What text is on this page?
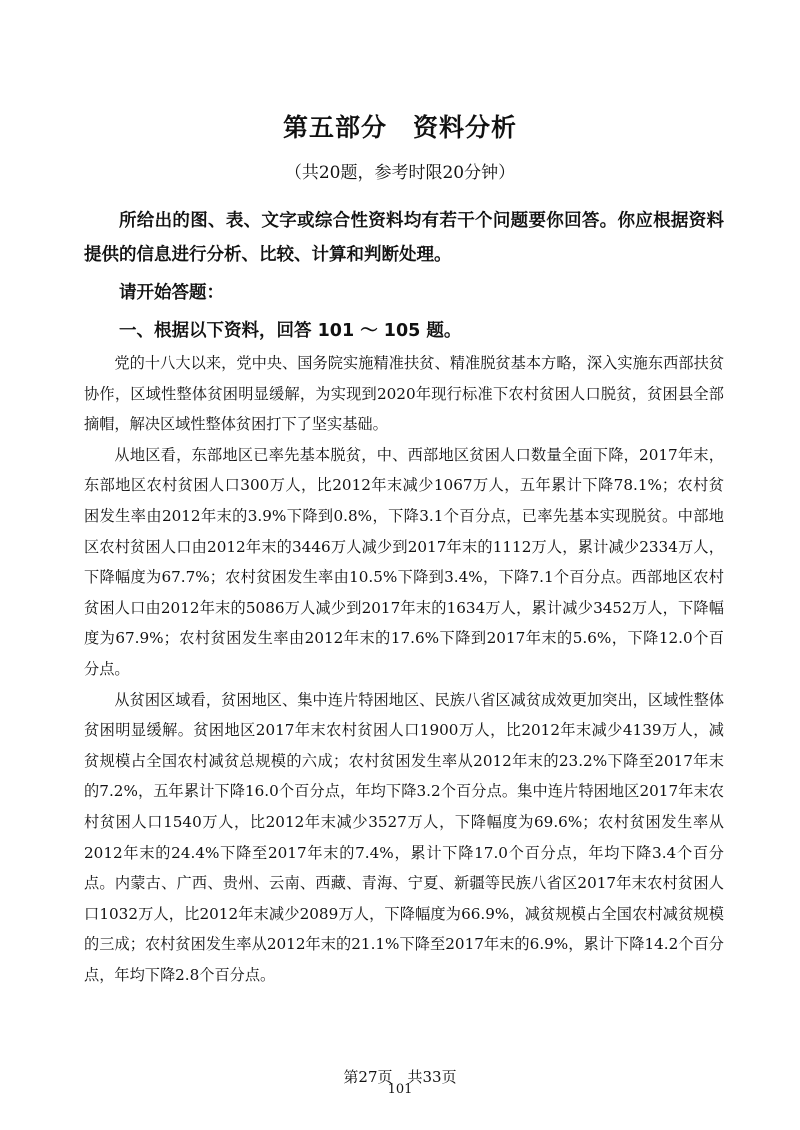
第五部分　资料分析

（共20题，参考时限20分钟）

所给出的图、表、文字或综合性资料均有若干个问题要你回答。你应根据资料提供的信息进行分析、比较、计算和判断处理。

请开始答题：

一、根据以下资料，回答 101 ～ 105 题。

党的十八大以来，党中央、国务院实施精准扶贫、精准脱贫基本方略，深入实施东西部扶贫协作，区域性整体贫困明显缓解，为实现到2020年现行标准下农村贫困人口脱贫，贫困县全部摘帽，解决区域性整体贫困打下了坚实基础。

从地区看，东部地区已率先基本脱贫，中、西部地区贫困人口数量全面下降，2017年末，东部地区农村贫困人口300万人，比2012年末减少1067万人，五年累计下降78.1%；农村贫困发生率由2012年末的3.9%下降到0.8%，下降3.1个百分点，已率先基本实现脱贫。中部地区农村贫困人口由2012年末的3446万人减少到2017年末的1112万人，累计减少2334万人，下降幅度为67.7%；农村贫困发生率由10.5%下降到3.4%，下降7.1个百分点。西部地区农村贫困人口由2012年末的5086万人减少到2017年末的1634万人，累计减少3452万人，下降幅度为67.9%；农村贫困发生率由2012年末的17.6%下降到2017年末的5.6%，下降12.0个百分点。

从贫困区域看，贫困地区、集中连片特困地区、民族八省区减贫成效更加突出，区域性整体贫困明显缓解。贫困地区2017年末农村贫困人口1900万人，比2012年末减少4139万人，减贫规模占全国农村减贫总规模的六成；农村贫困发生率从2012年末的23.2%下降至2017年末的7.2%，五年累计下降16.0个百分点，年均下降3.2个百分点。集中连片特困地区2017年末农村贫困人口1540万人，比2012年末减少3527万人，下降幅度为69.6%；农村贫困发生率从2012年末的24.4%下降至2017年末的7.4%，累计下降17.0个百分点，年均下降3.4个百分点。内蒙古、广西、贵州、云南、西藏、青海、宁夏、新疆等民族八省区2017年末农村贫困人口1032万人，比2012年末减少2089万人，下降幅度为66.9%，减贫规模占全国农村减贫规模的三成；农村贫困发生率从2012年末的21.1%下降至2017年末的6.9%，累计下降14.2个百分点，年均下降2.8个百分点。

第27页　共33页

101
